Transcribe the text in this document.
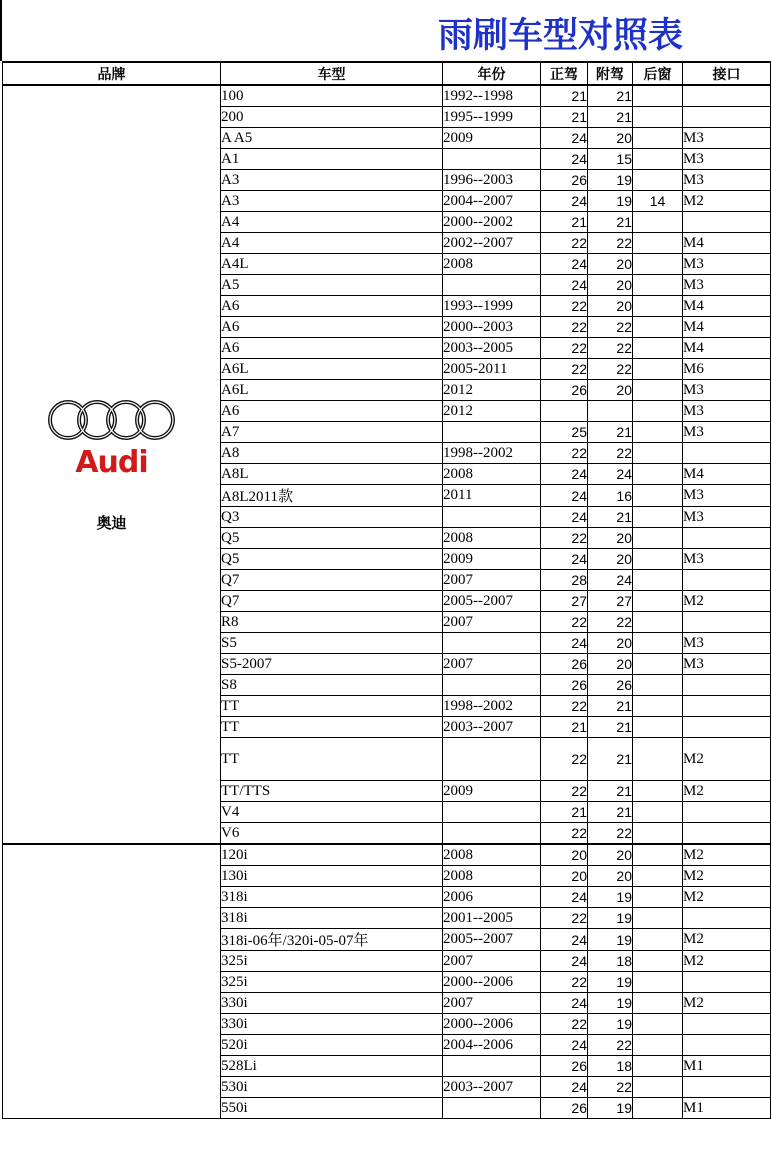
雨刷车型对照表
品牌	车型	年份	正驾	附驾	后窗	接口

Audi
奥迪	100	1992--1998	21	21		
	200	1995--1999	21	21		
	A A5	2009	24	20		M3
	A1		24	15		M3
	A3	1996--2003	26	19		M3
	A3	2004--2007	24	19	14	M2
	A4	2000--2002	21	21		
	A4	2002--2007	22	22		M4
	A4L	2008	24	20		M3
	A5		24	20		M3
	A6	1993--1999	22	20		M4
	A6	2000--2003	22	22		M4
	A6	2003--2005	22	22		M4
	A6L	2005-2011	22	22		M6
	A6L	2012	26	20		M3
	A6	2012				M3
	A7		25	21		M3
	A8	1998--2002	22	22		
	A8L	2008	24	24		M4
	A8L2011款	2011	24	16		M3
	Q3		24	21		M3
	Q5	2008	22	20		
	Q5	2009	24	20		M3
	Q7	2007	28	24		
	Q7	2005--2007	27	27		M2
	R8	2007	22	22		
	S5		24	20		M3
	S5-2007	2007	26	20		M3
	S8		26	26		
	TT	1998--2002	22	21		
	TT	2003--2007	21	21		
	TT		22	21		M2
	TT/TTS	2009	22	21		M2
	V4		21	21		
	V6		22	22		
	120i	2008	20	20		M2
	130i	2008	20	20		M2
	318i	2006	24	19		M2
	318i	2001--2005	22	19		
	318i-06年/320i-05-07年	2005--2007	24	19		M2
	325i	2007	24	18		M2
	325i	2000--2006	22	19		
	330i	2007	24	19		M2
	330i	2000--2006	22	19		
	520i	2004--2006	24	22		
	528Li		26	18		M1
	530i	2003--2007	24	22		
	550i		26	19		M1
